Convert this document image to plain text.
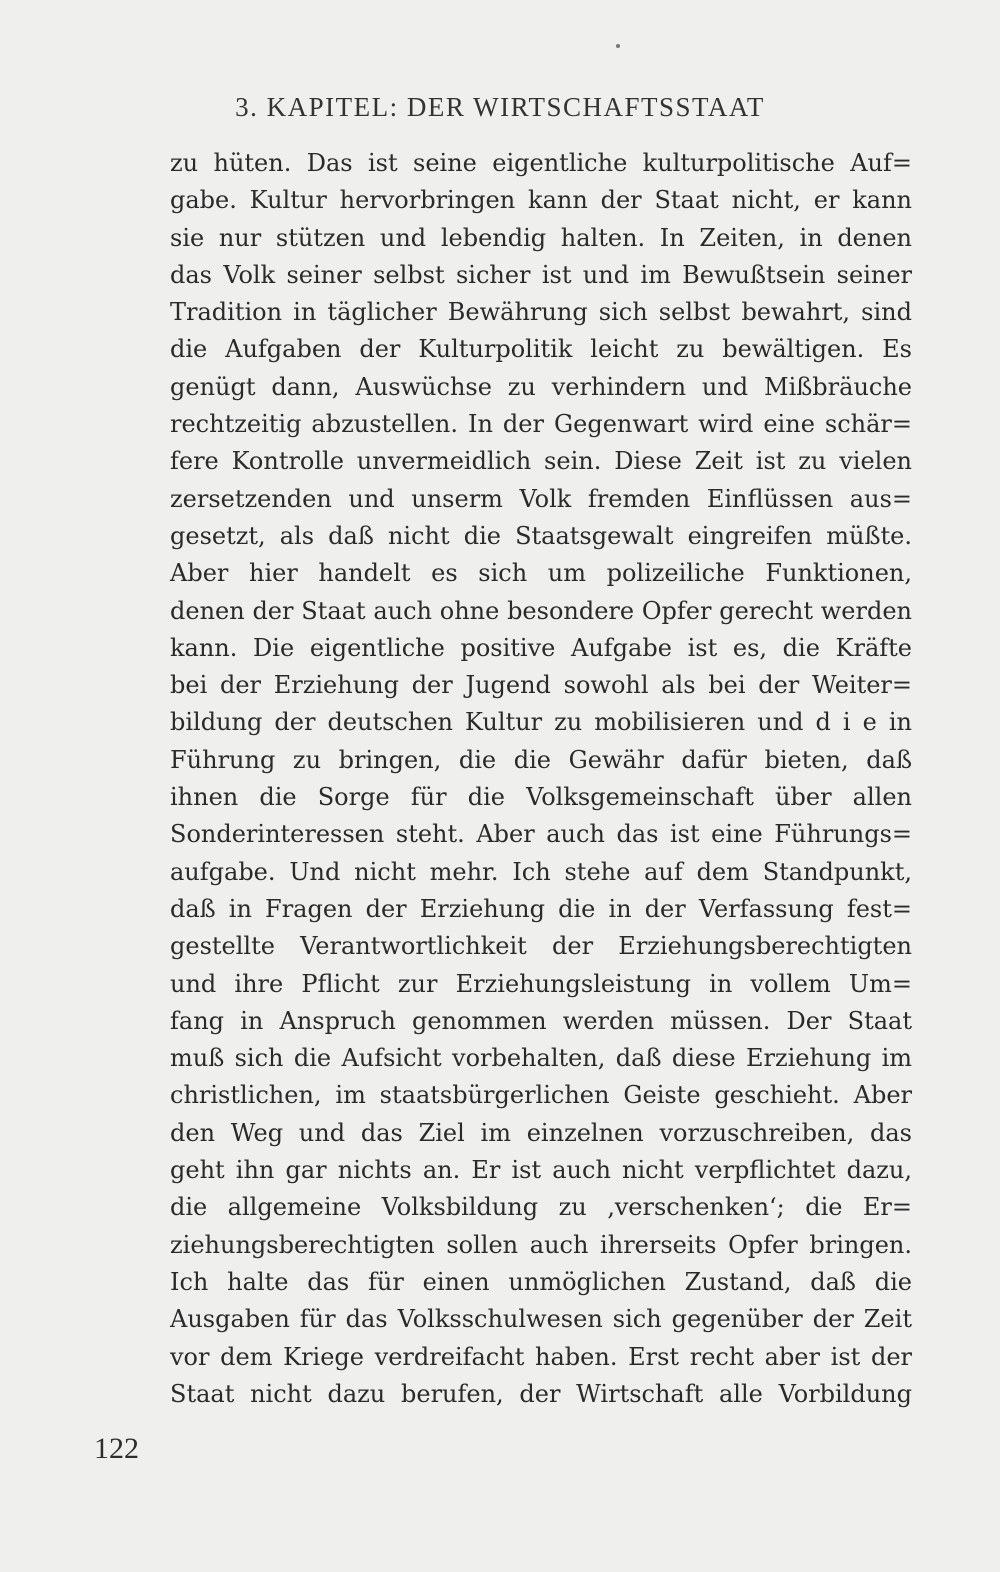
3. KAPITEL: DER WIRTSCHAFTSSTAAT
zu hüten. Das ist seine eigentliche kulturpolitische Auf=
gabe. Kultur hervorbringen kann der Staat nicht, er kann
sie nur stützen und lebendig halten. In Zeiten, in denen
das Volk seiner selbst sicher ist und im Bewußtsein seiner
Tradition in täglicher Bewährung sich selbst bewahrt, sind
die Aufgaben der Kulturpolitik leicht zu bewältigen. Es
genügt dann, Auswüchse zu verhindern und Mißbräuche
rechtzeitig abzustellen. In der Gegenwart wird eine schär=
fere Kontrolle unvermeidlich sein. Diese Zeit ist zu vielen
zersetzenden und unserm Volk fremden Einflüssen aus=
gesetzt, als daß nicht die Staatsgewalt eingreifen müßte.
Aber hier handelt es sich um polizeiliche Funktionen,
denen der Staat auch ohne besondere Opfer gerecht werden
kann. Die eigentliche positive Aufgabe ist es, die Kräfte
bei der Erziehung der Jugend sowohl als bei der Weiter=
bildung der deutschen Kultur zu mobilisieren und d i e in
Führung zu bringen, die die Gewähr dafür bieten, daß
ihnen die Sorge für die Volksgemeinschaft über allen
Sonderinteressen steht. Aber auch das ist eine Führungs=
aufgabe. Und nicht mehr. Ich stehe auf dem Standpunkt,
daß in Fragen der Erziehung die in der Verfassung fest=
gestellte Verantwortlichkeit der Erziehungsberechtigten
und ihre Pflicht zur Erziehungsleistung in vollem Um=
fang in Anspruch genommen werden müssen. Der Staat
muß sich die Aufsicht vorbehalten, daß diese Erziehung im
christlichen, im staatsbürgerlichen Geiste geschieht. Aber
den Weg und das Ziel im einzelnen vorzuschreiben, das
geht ihn gar nichts an. Er ist auch nicht verpflichtet dazu,
die allgemeine Volksbildung zu ‚verschenken‘; die Er=
ziehungsberechtigten sollen auch ihrerseits Opfer bringen.
Ich halte das für einen unmöglichen Zustand, daß die
Ausgaben für das Volksschulwesen sich gegenüber der Zeit
vor dem Kriege verdreifacht haben. Erst recht aber ist der
Staat nicht dazu berufen, der Wirtschaft alle Vorbildung
122
